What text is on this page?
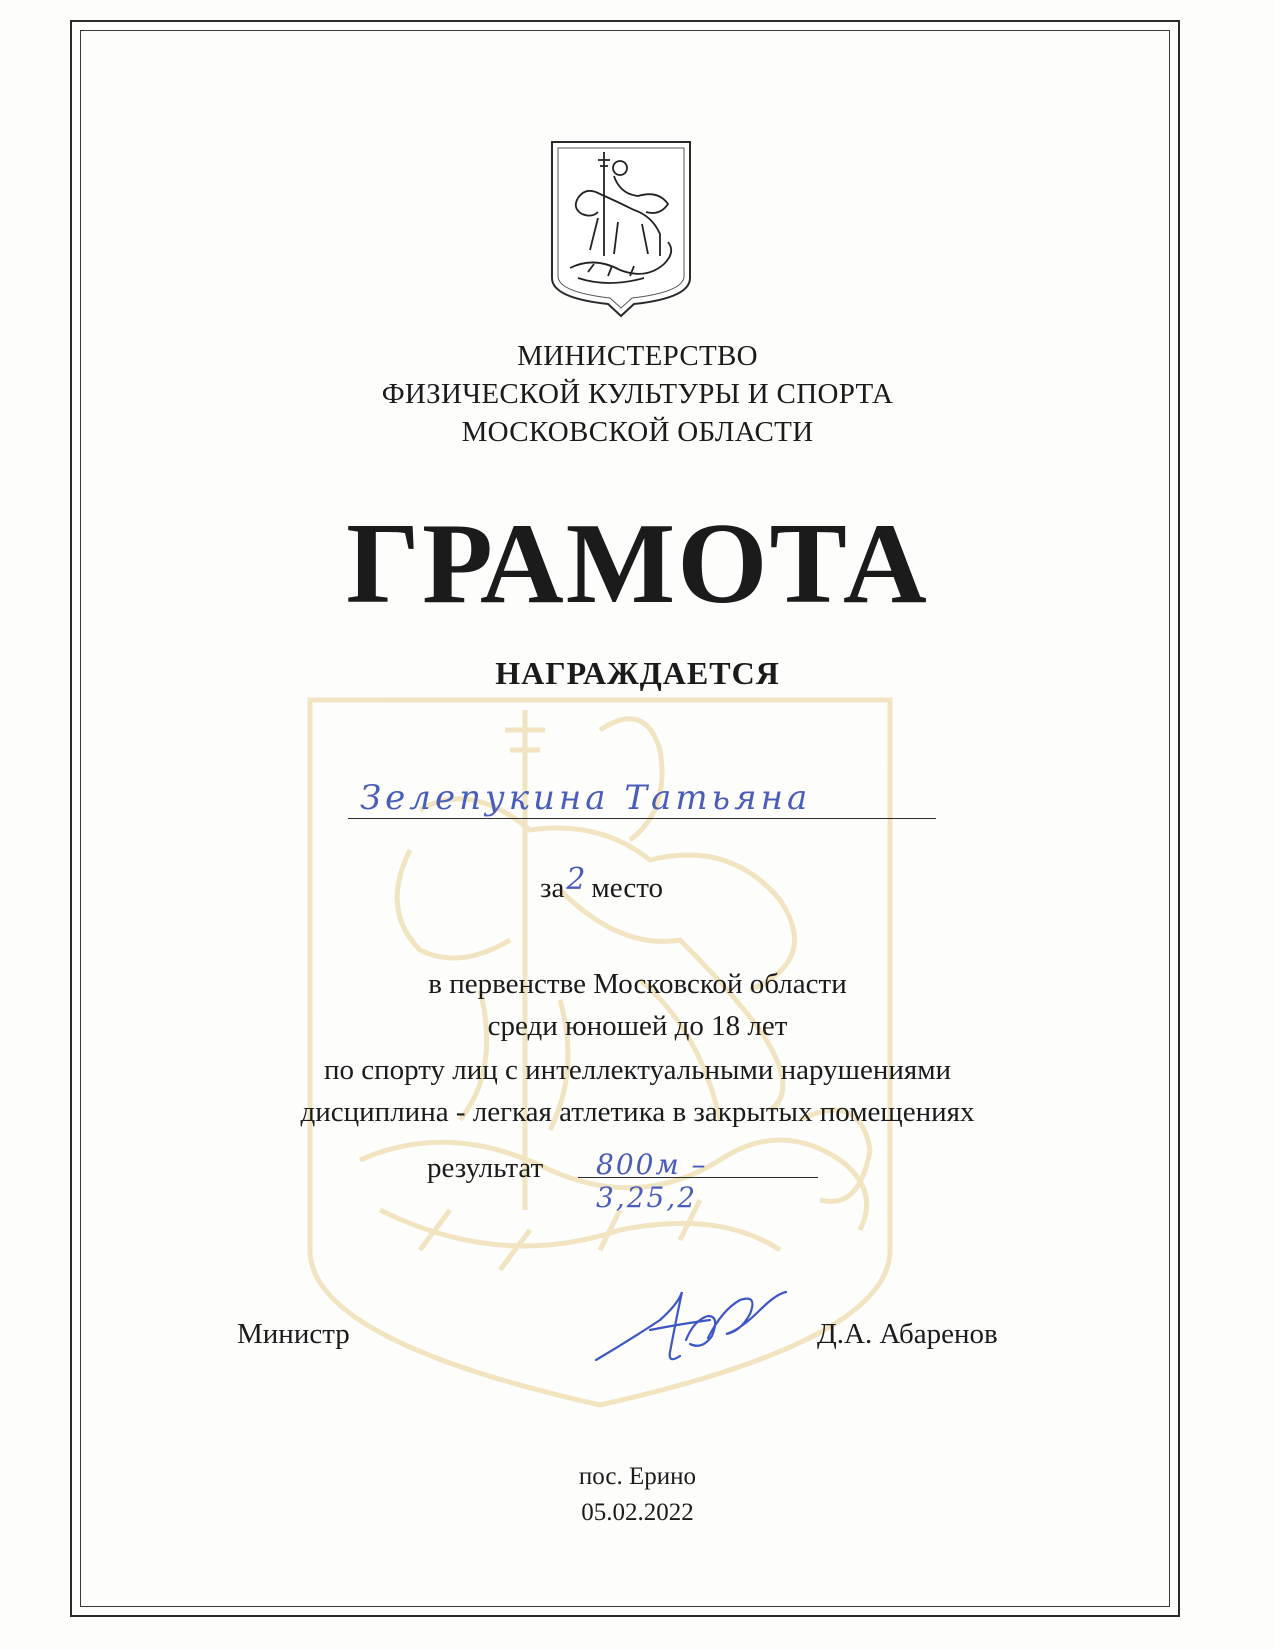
МИНИСТЕРСТВО
ФИЗИЧЕСКОЙ КУЛЬТУРЫ И СПОРТА
МОСКОВСКОЙ ОБЛАСТИ
ГРАМОТА
НАГРАЖДАЕТСЯ
Зелепукина Татьяна
за2 место
в первенстве Московской области
среди юношей до 18 лет
по спорту лиц с интеллектуальными нарушениями
дисциплина - легкая атлетика в закрытых помещениях
результат	800м – 3,25,2
Министр	Д.А. Абаренов
пос. Ерино
05.02.2022
